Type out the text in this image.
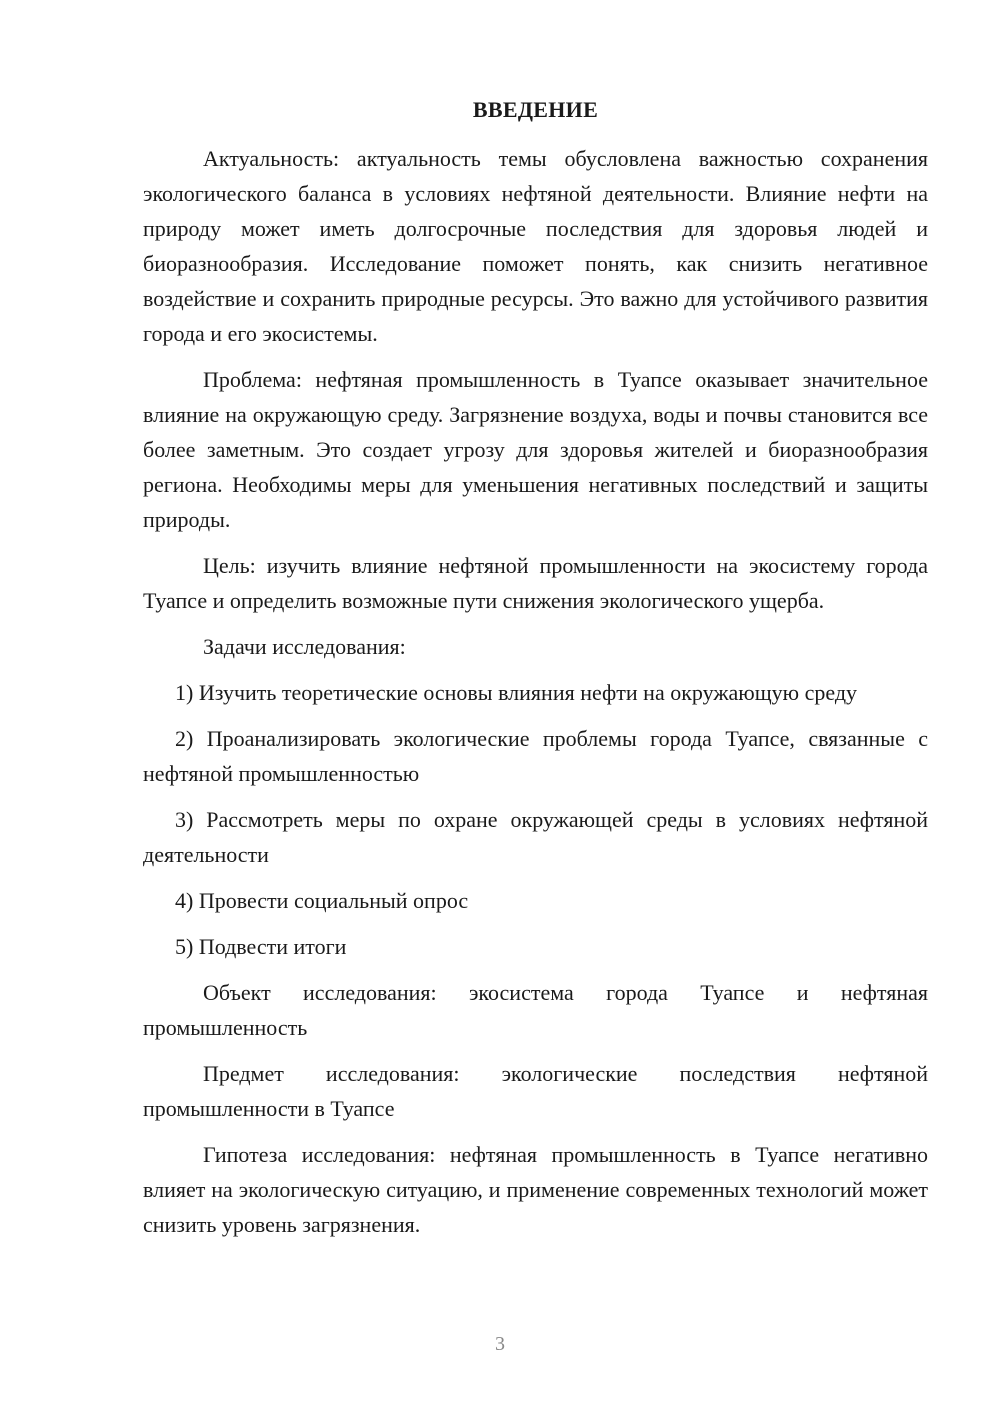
ВВЕДЕНИЕ

Актуальность: актуальность темы обусловлена важностью сохранения экологического баланса в условиях нефтяной деятельности. Влияние нефти на природу может иметь долгосрочные последствия для здоровья людей и биоразнообразия. Исследование поможет понять, как снизить негативное воздействие и сохранить природные ресурсы. Это важно для устойчивого развития города и его экосистемы.

Проблема: нефтяная промышленность в Туапсе оказывает значительное влияние на окружающую среду. Загрязнение воздуха, воды и почвы становится все более заметным. Это создает угрозу для здоровья жителей и биоразнообразия региона. Необходимы меры для уменьшения негативных последствий и защиты природы.

Цель: изучить влияние нефтяной промышленности на экосистему города Туапсе и определить возможные пути снижения экологического ущерба.

Задачи исследования:

1) Изучить теоретические основы влияния нефти на окружающую среду

2) Проанализировать экологические проблемы города Туапсе, связанные с нефтяной промышленностью

3) Рассмотреть меры по охране окружающей среды в условиях нефтяной деятельности

4) Провести социальный опрос

5) Подвести итоги

Объект исследования: экосистема города Туапсе и нефтяная промышленность

Предмет исследования: экологические последствия нефтяной промышленности в Туапсе

Гипотеза исследования: нефтяная промышленность в Туапсе негативно влияет на экологическую ситуацию, и применение современных технологий может снизить уровень загрязнения.

3
